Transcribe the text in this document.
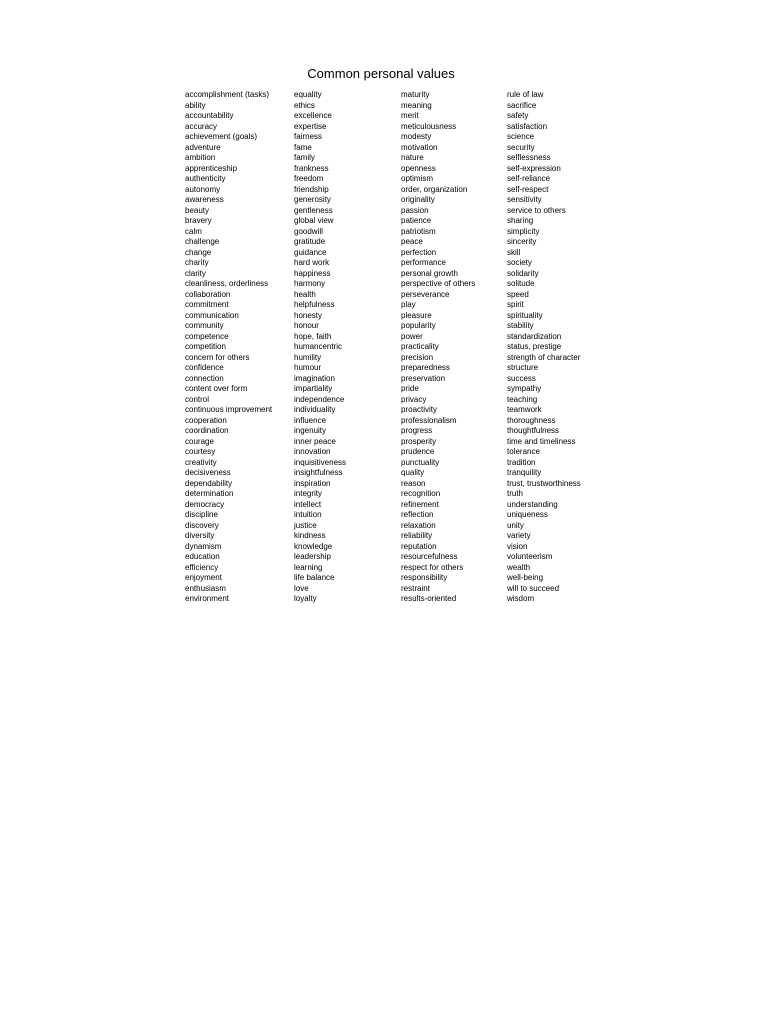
Common personal values
accomplishment (tasks)
ability
accountability
accuracy
achievement (goals)
adventure
ambition
apprenticeship
authenticity
autonomy
awareness
beauty
bravery
calm
challenge
change
charity
clarity
cleanliness, orderliness
collaboration
commitment
communication
community
competence
competition
concern for others
confidence
connection
content over form
control
continuous improvement
cooperation
coordination
courage
courtesy
creativity
decisiveness
dependability
determination
democracy
discipline
discovery
diversity
dynamism
education
efficiency
enjoyment
enthusiasm
environment
equality
ethics
excellence
expertise
fairness
fame
family
frankness
freedom
friendship
generosity
gentleness
global view
goodwill
gratitude
guidance
hard work
happiness
harmony
health
helpfulness
honesty
honour
hope, faith
humancentric
humility
humour
imagination
impartiality
independence
individuality
influence
ingenuity
inner peace
innovation
inquisitiveness
insightfulness
inspiration
integrity
intellect
intuition
justice
kindness
knowledge
leadership
learning
life balance
love
loyalty
maturity
meaning
merit
meticulousness
modesty
motivation
nature
openness
optimism
order, organization
originality
passion
patience
patriotism
peace
perfection
performance
personal growth
perspective of others
perseverance
play
pleasure
popularity
power
practicality
precision
preparedness
preservation
pride
privacy
proactivity
professionalism
progress
prosperity
prudence
punctuality
quality
reason
recognition
refinement
reflection
relaxation
reliability
reputation
resourcefulness
respect for others
responsibility
restraint
results-oriented
rule of law
sacrifice
safety
satisfaction
science
security
selflessness
self-expression
self-reliance
self-respect
sensitivity
service to others
sharing
simplicity
sincerity
skill
society
solidarity
solitude
speed
spirit
spirituality
stability
standardization
status, prestige
strength of character
structure
success
sympathy
teaching
teamwork
thoroughness
thoughtfulness
time and timeliness
tolerance
tradition
tranquility
trust, trustworthiness
truth
understanding
uniqueness
unity
variety
vision
volunteerism
wealth
well-being
will to succeed
wisdom
